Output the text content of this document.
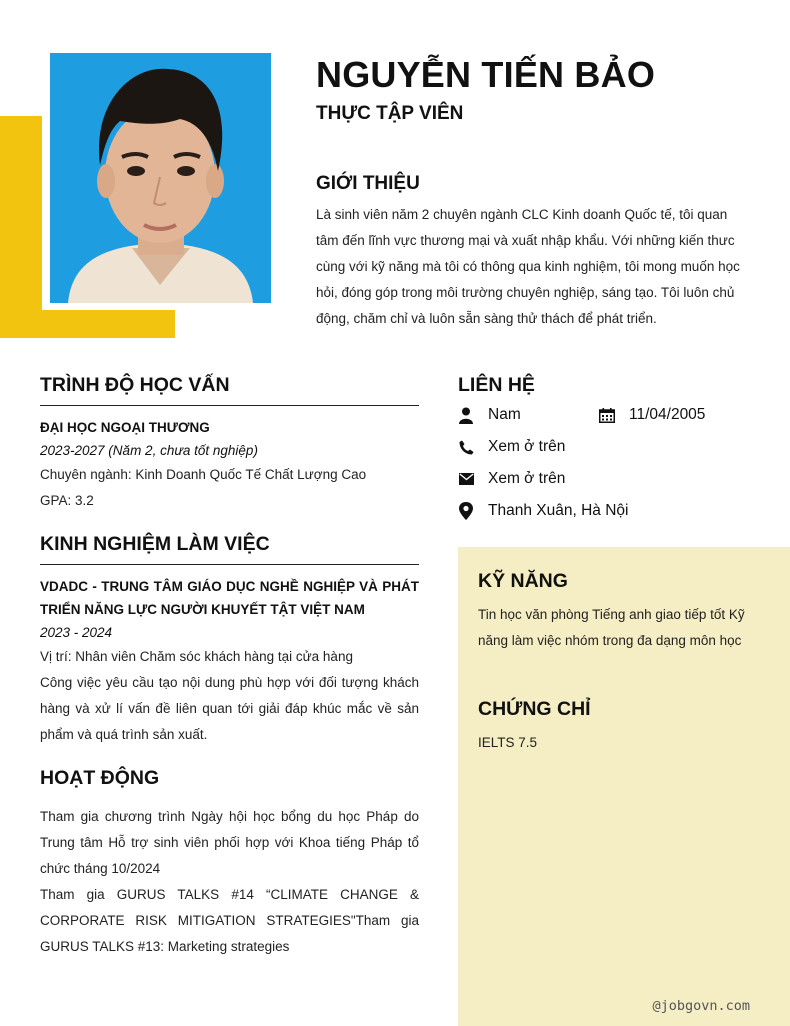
NGUYỄN TIẾN BẢO
THỰC TẬP VIÊN
GIỚI THIỆU
Là sinh viên năm 2 chuyên ngành CLC Kinh doanh Quốc tế, tôi quan tâm đến lĩnh vực thương mại và xuất nhập khẩu. Với những kiến thưc cùng với kỹ năng mà tôi có thông qua kinh nghiệm, tôi mong muốn học hỏi, đóng góp trong môi trường chuyên nghiệp, sáng tạo. Tôi luôn chủ động, chăm chỉ và luôn sẵn sàng thử thách để phát triển.
TRÌNH ĐỘ HỌC VẤN
ĐẠI HỌC NGOẠI THƯƠNG
2023-2027 (Năm 2, chưa tốt nghiệp)
Chuyên ngành: Kinh Doanh Quốc Tế Chất Lượng Cao
GPA: 3.2
KINH NGHIỆM LÀM VIỆC
VDADC - TRUNG TÂM GIÁO DỤC NGHỀ NGHIỆP VÀ PHÁT TRIỂN NĂNG LỰC NGƯỜI KHUYẾT TẬT VIỆT NAM
2023 - 2024
Vị trí: Nhân viên Chăm sóc khách hàng tại cửa hàng
Công việc yêu cầu tạo nội dung phù hợp với đối tượng khách hàng và xử lí vấn đề liên quan tới giải đáp khúc mắc về sản phẩm và quá trình sản xuất.
HOẠT ĐỘNG
Tham gia chương trình Ngày hội học bổng du học Pháp do Trung tâm Hỗ trợ sinh viên phối hợp với Khoa tiếng Pháp tổ chức tháng 10/2024
Tham gia GURUS TALKS #14 “CLIMATE CHANGE & CORPORATE RISK MITIGATION STRATEGIES"Tham gia GURUS TALKS #13: Marketing strategies
LIÊN HỆ
Nam	11/04/2005
Xem ở trên
Xem ở trên
Thanh Xuân, Hà Nội
KỸ NĂNG
Tin học văn phòng Tiếng anh giao tiếp tốt Kỹ năng làm việc nhóm trong đa dạng môn học
CHỨNG CHỈ
IELTS 7.5
@jobgovn.com
